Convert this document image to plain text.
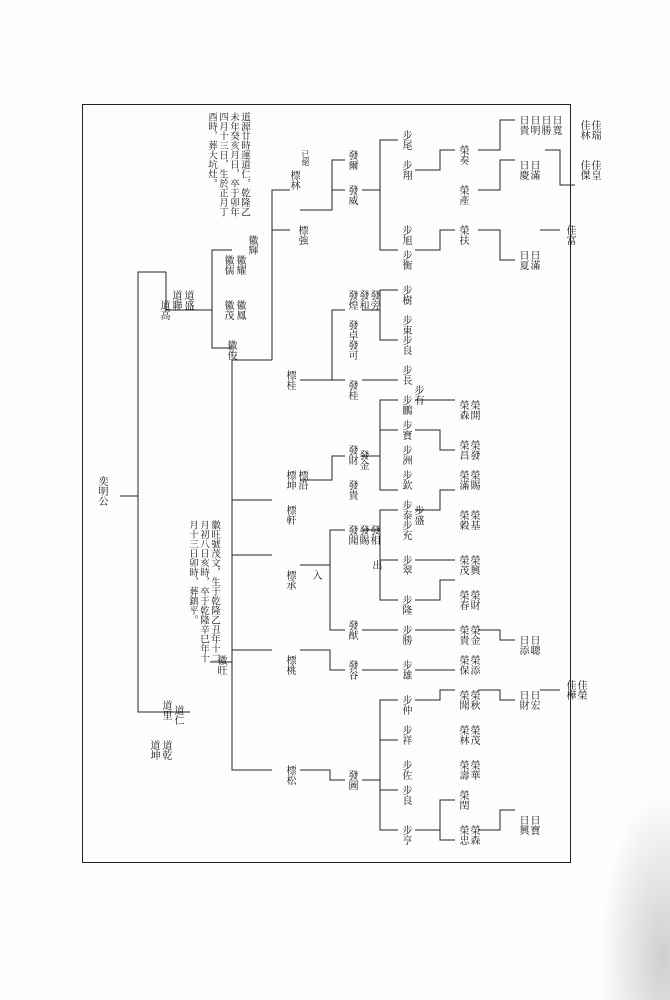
奕明公
道源廿時運道仁，乾隆乙未年癸亥月日，卒于卯年四月十三日，生於正月丁酉時，葬大坑灶。
徽旺號茂文，生于乾隆乙丑年十二月初八日亥時，卒于乾隆辛巳年十月十三日卯時，葬鎮平。
道坤 道乾
道里 道仁
道高 道聯 道盛
徽旺
徽俊
徽茂 徽鳳
徽儒 徽耀
徽輝
標松
標桃
標承
標軒
標坤 標沿
標桂
標強
標林
發圖
發谷
發猷
發聞 發賜 發相
發貴
發金
發財
發桂
發可
發卓
發煌 發和 發旁
發威
發爾
步亨
步良
步佐
步祥
步仲
步雄
步勝
步隆
步翠
步充
步盛
步泰
步欽
步洲
步寶
步鵬 步有
步長
步良
步東
步樹
步衡
步旭
步翔
步尾
榮忠 榮森
榮閏
榮壽 榮華
榮林 榮茂
榮聞 榮秋
榮保 榮添
榮貴 榮金
榮春 榮財
榮茂 榮興
榮穀 榮基
榮滿 榮賜
榮扶
榮產
榮昌 榮發
榮森
榮奏
榮開
日興 日寶
日財 日宏
日添 日聰
日夏 日滿
日慶 日滿
日貴 日明 日勝 日寬
佳樺 佳榮
佳富
佳傑 佳皇
佳林 佳瑞
出
入
已絕
